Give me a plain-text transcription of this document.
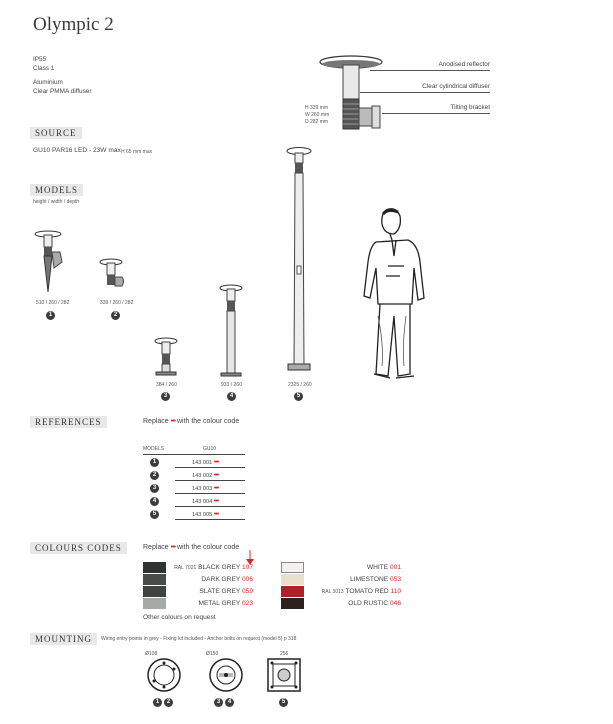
Olympic 2
IP55
Class 1
Aluminium
Clear PMMA diffuser
Anodised reflector
Clear cylindrical diffuser
Tilting bracket
H 339 mm
W 260 mm
D 282 mm
SOURCE
GU10 PAR16 LED - 23W max H 65 mm max
MODELS
height / width / depth
510 / 260 / 282
1
339 / 260 / 282
2
384 / 260
3
933 / 260
4
2325 / 260
5
REFERENCES	Replace ••• with the colour code
MODELS	GU10
1	143 001 •••
2	143 002 •••
3	143 003 •••
4	143 004 •••
5	143 005 •••
COLOURS CODES	Replace ••• with the colour code
RAL 7021 BLACK GREY 107
DARK GREY 006
SLATE GREY 059
METAL GREY 023
WHITE 001
LIMESTONE 053
RAL 3013 TOMATO RED 110
OLD RUSTIC 046
Other colours on request
MOUNTING	Wiring entry points in grey - Fixing kit included - Anchor bolts on request (model 5) p 318
Ø108
1	2
Ø150
3	4
256
5
